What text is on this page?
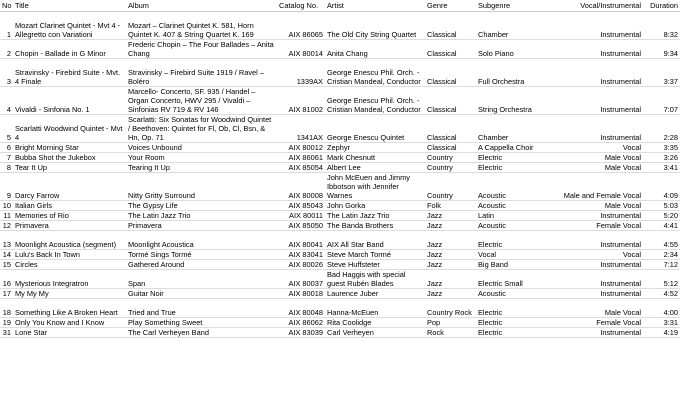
No	Title	Album	Catalog No.	Artist	Genre	Subgenre	Vocal/Instrumental	Duration
1	Mozart Clarinet Quintet - Mvt 4 - Allegretto con Variationi	Mozart – Clarinet Quintet K. 581, Horn Quintet K. 407 & String Quartet K. 169	AIX 86065	The Old City String Quartet	Classical	Chamber	Instrumental	8:32
2	Chopin - Ballade in G Minor	Frederic Chopin – The Four Ballades – Anita Chang	AIX 80014	Anita Chang	Classical	Solo Piano	Instrumental	9:34
3	Stravinsky - Firebird Suite - Mvt. 4 Finale	Stravinsky – Firebird Suite 1919 / Ravel – Boléro	1339AX	George Enescu Phil. Orch. - Cristian Mandeal, Conductor	Classical	Full Orchestra	Instrumental	3:37
4	Vivaldi - Sinfonia No. 1	Marcello- Concerto, SF. 935 / Handel – Organ Concerto, HWV 295 / Vivaldi – Sinfonias RV 719 & RV 146	AIX 81002	George Enescu Phil. Orch. - Cristian Mandeal, Conductor	Classical	String Orchestra	Instrumental	7:07
5	Scarlatti Woodwind Quintet - Mvt 4	Scarlatti: Six Sonatas for Woodwind Quintet / Beethoven: Quintet for Fl, Ob, Cl, Bsn, & Hn, Op. 71	1341AX	George Enescu Quintet	Classical	Chamber	Instrumental	2:28
6	Bright Morning Star	Voices Unbound	AIX 80012	Zephyr	Classical	A Cappella Choir	Vocal	3:35
7	Bubba Shot the Jukebox	Your Room	AIX 86061	Mark Chesnutt	Country	Electric	Male Vocal	3:26
8	Tear It Up	Tearing It Up	AIX 85054	Albert Lee	Country	Electric	Male Vocal	3:41
9	Darcy Farrow	Nitty Gritty Surround	AIX 80008	John McEuen and Jimmy Ibbotson with Jennifer Warnes	Country	Acoustic	Male and Female Vocal	4:09
10	Italian Girls	The Gypsy Life	AIX 85043	John Gorka	Folk	Acoustic	Male Vocal	5:03
11	Memories of Rio	The Latin Jazz Trio	AIX 80011	The Latin Jazz Trio	Jazz	Latin	Instrumental	5:20
12	Primavera	Primavera	AIX 85050	The Banda Brothers	Jazz	Acoustic	Female Vocal	4:41
13	Moonlight Acoustica (segment)	Moonlight Acoustica	AIX 80041	AIX All Star Band	Jazz	Electric	Instrumental	4:55
14	Lulu's Back In Town	Tormé Sings Tormé	AIX 83041	Steve March Tormé	Jazz	Vocal	Vocal	2:34
15	Circles	Gathered Around	AIX 80026	Steve Huffsteter	Jazz	Big Band	Instrumental	7:12
16	Mysterious Integratron	Span	AIX 80037	Bad Haggis with special guest Rubén Blades	Jazz	Electric Small	Instrumental	5:12
17	My My My	Guitar Noir	AIX 80018	Laurence Juber	Jazz	Acoustic	Instrumental	4:52
18	Something Like A Broken Heart	Tried and True	AIX 80048	Hanna-McEuen	Country Rock	Electric	Male Vocal	4:00
19	Only You Know and I Know	Play Something Sweet	AIX 86062	Rita Coolidge	Pop	Electric	Female Vocal	3:31
31	Lone Star	The Carl Verheyen Band	AIX 83039	Carl Verheyen	Rock	Electric	Instrumental	4:19
